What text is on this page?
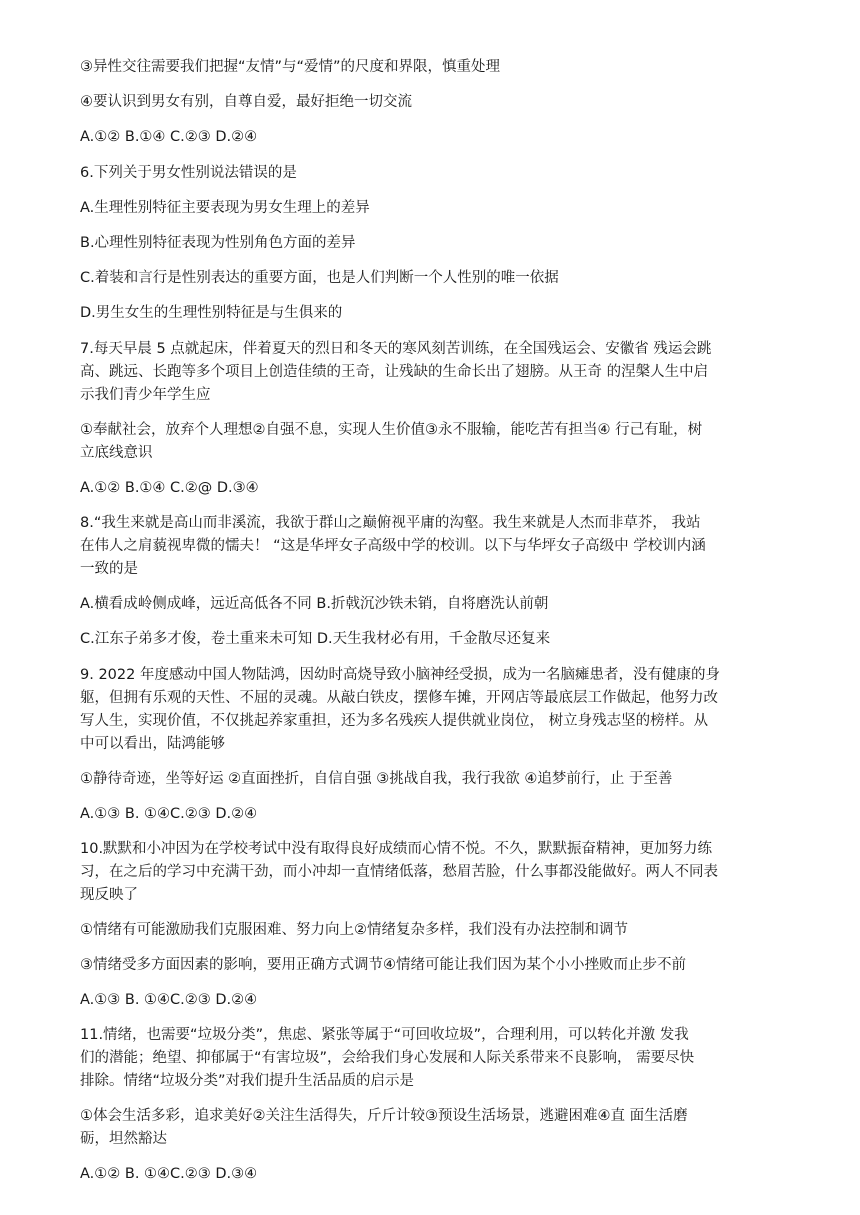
③异性交往需要我们把握“友情”与“爱情”的尺度和界限，慎重处理
④要认识到男女有别，自尊自爱，最好拒绝一切交流
A.①② B.①④ C.②③ D.②④
6.下列关于男女性别说法错误的是
A.生理性别特征主要表现为男女生理上的差异
B.心理性别特征表现为性别角色方面的差异
C.着装和言行是性别表达的重要方面，也是人们判断一个人性别的唯一依据
D.男生女生的生理性别特征是与生俱来的
7.每天早晨 5 点就起床，伴着夏天的烈日和冬天的寒风刻苦训练，在全国残运会、安徽省 残运会跳
高、跳远、长跑等多个项目上创造佳绩的王奇，让残缺的生命长出了翅膀。从王奇 的涅槃人生中启
示我们青少年学生应
①奉献社会，放弃个人理想②自强不息，实现人生价值③永不服输，能吃苦有担当④ 行己有耻，树
立底线意识
A.①② B.①④ C.②@ D.③④
8.“我生来就是高山而非溪流，我欲于群山之巅俯视平庸的沟壑。我生来就是人杰而非草芥， 我站
在伟人之肩藐视卑微的懦夫！ “这是华坪女子高级中学的校训。以下与华坪女子高级中 学校训内涵
一致的是
A.横看成岭侧成峰，远近高低各不同 B.折戟沉沙铁未销，自将磨洗认前朝
C.江东子弟多才俊，卷土重来未可知 D.天生我材必有用，千金散尽还复来
9. 2022 年度感动中国人物陆鸿，因幼时高烧导致小脑神经受损，成为一名脑瘫患者，没有健康的身
躯，但拥有乐观的天性、不屈的灵魂。从敲白铁皮，摆修车摊，开网店等最底层工作做起，他努力改
写人生，实现价值，不仅挑起养家重担，还为多名残疾人提供就业岗位， 树立身残志坚的榜样。从
中可以看出，陆鸿能够
①静待奇迹，坐等好运 ②直面挫折，自信自强 ③挑战自我，我行我欲 ④追梦前行，止 于至善
A.①③ B. ①④C.②③ D.②④
10.默默和小冲因为在学校考试中没有取得良好成绩而心情不悦。不久，默默振奋精神，更加努力练
习，在之后的学习中充满干劲，而小冲却一直情绪低落，愁眉苦脸，什么事都没能做好。两人不同表
现反映了
①情绪有可能激励我们克服困难、努力向上②情绪复杂多样，我们没有办法控制和调节
③情绪受多方面因素的影响，要用正确方式调节④情绪可能让我们因为某个小小挫败而止步不前
A.①③ B. ①④C.②③ D.②④
11.情绪，也需要“垃圾分类”，焦虑、紧张等属于“可回收垃圾”，合理利用，可以转化并激 发我
们的潜能；绝望、抑郁属于“有害垃圾”，会给我们身心发展和人际关系带来不良影响， 需要尽快
排除。情绪“垃圾分类”对我们提升生活品质的启示是
①体会生活多彩，追求美好②关注生活得失，斤斤计较③预设生活场景，逃避困难④直 面生活磨
砺，坦然豁达
A.①② B. ①④C.②③ D.③④
